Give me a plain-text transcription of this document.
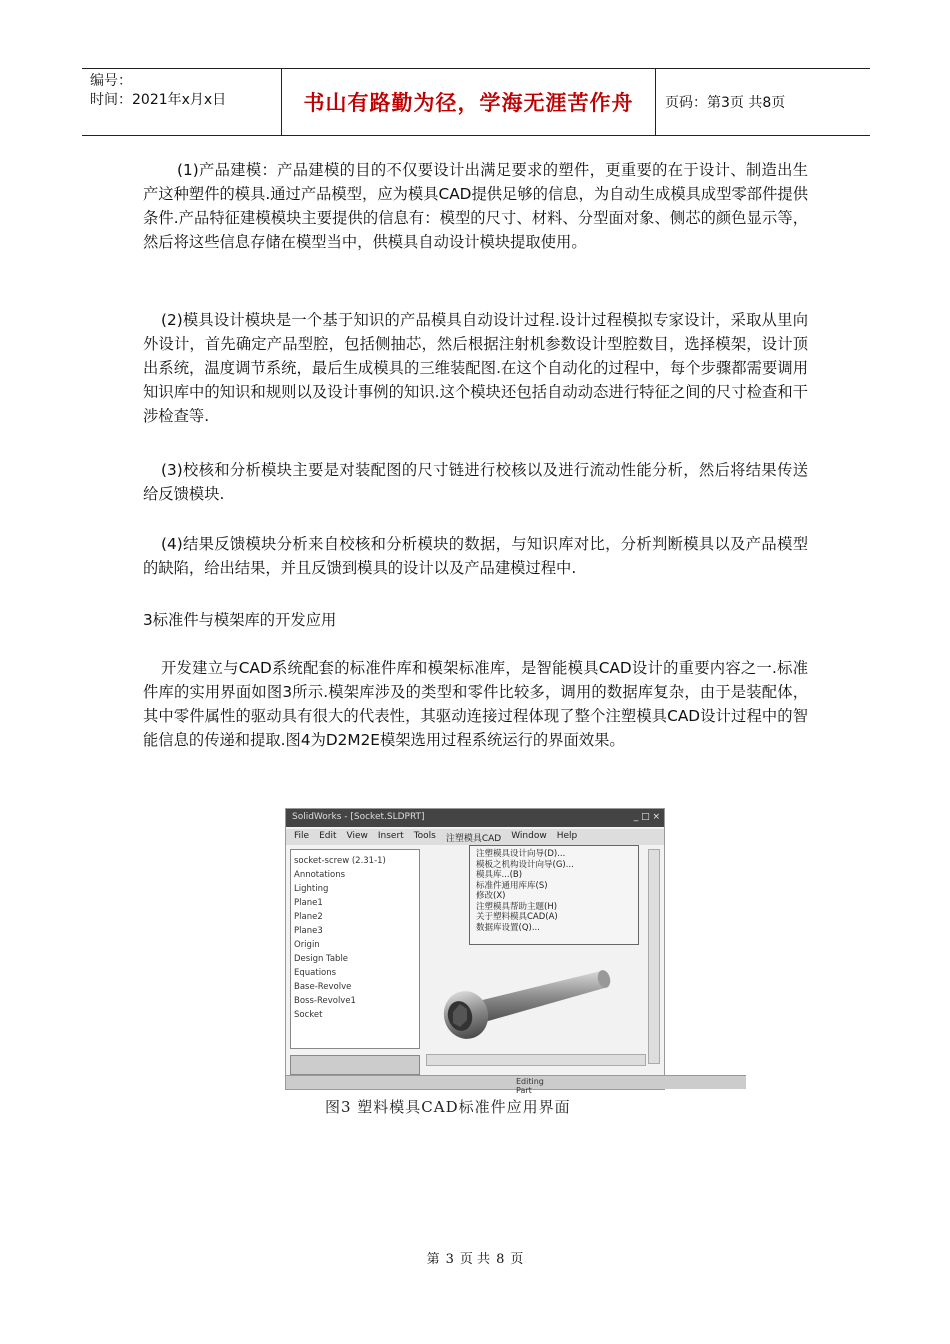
编号：
时间：2021年x月x日	书山有路勤为径，学海无涯苦作舟 页码：第3页 共8页

(1)产品建模：产品建模的目的不仅要设计出满足要求的塑件，更重要的在于设计、制造出生产这种塑件的模具.通过产品模型，应为模具CAD提供足够的信息，为自动生成模具成型零部件提供条件.产品特征建模模块主要提供的信息有：模型的尺寸、材料、分型面对象、侧芯的颜色显示等，然后将这些信息存储在模型当中，供模具自动设计模块提取使用。

(2)模具设计模块是一个基于知识的产品模具自动设计过程.设计过程模拟专家设计，采取从里向外设计，首先确定产品型腔，包括侧抽芯，然后根据注射机参数设计型腔数目，选择模架，设计顶出系统，温度调节系统，最后生成模具的三维装配图.在这个自动化的过程中，每个步骤都需要调用知识库中的知识和规则以及设计事例的知识.这个模块还包括自动动态进行特征之间的尺寸检查和干涉检查等.

(3)校核和分析模块主要是对装配图的尺寸链进行校核以及进行流动性能分析，然后将结果传送给反馈模块.

(4)结果反馈模块分析来自校核和分析模块的数据，与知识库对比，分析判断模具以及产品模型的缺陷，给出结果，并且反馈到模具的设计以及产品建模过程中.

3标准件与模架库的开发应用

开发建立与CAD系统配套的标准件库和模架标准库，是智能模具CAD设计的重要内容之一.标准件库的实用界面如图3所示.模架库涉及的类型和零件比较多，调用的数据库复杂，由于是装配体，其中零件属性的驱动具有很大的代表性，其驱动连接过程体现了整个注塑模具CAD设计过程中的智能信息的传递和提取.图4为D2M2E模架选用过程系统运行的界面效果。

SolidWorks - [Socket.SLDPRT]	_ □ ×
File Edit View Insert Tools 注塑模具CAD Window Help
socket-screw (2.31-1)
Annotations
Lighting
Plane1
Plane2
Plane3
Origin
Design Table
Equations
Base-Revolve
Boss-Revolve1
Socket
注塑模具设计向导(D)...
模板之机构设计向导(G)...
模具库...(B)
标准件通用库库(S)
修改(X)
注塑模具帮助主题(H)
关于塑料模具CAD(A)
数据库设置(Q)...
Editing Part
图3 塑料模具CAD标准件应用界面
第 3 页 共 8 页
